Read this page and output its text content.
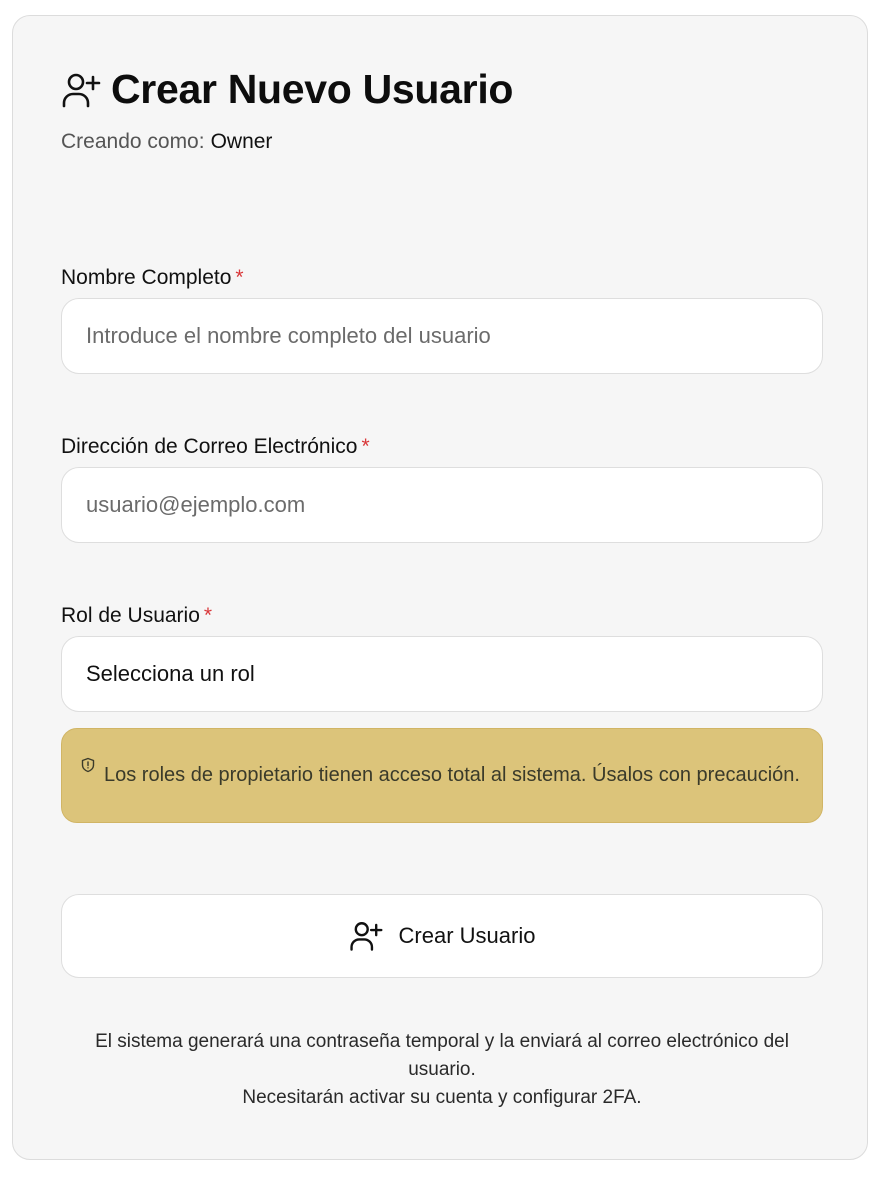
Crear Nuevo Usuario
Creando como: Owner
Nombre Completo *
Introduce el nombre completo del usuario
Dirección de Correo Electrónico *
usuario@ejemplo.com
Rol de Usuario *
Selecciona un rol
Los roles de propietario tienen acceso total al sistema. Úsalos con precaución.
Crear Usuario
El sistema generará una contraseña temporal y la enviará al correo electrónico del usuario.
Necesitarán activar su cuenta y configurar 2FA.
